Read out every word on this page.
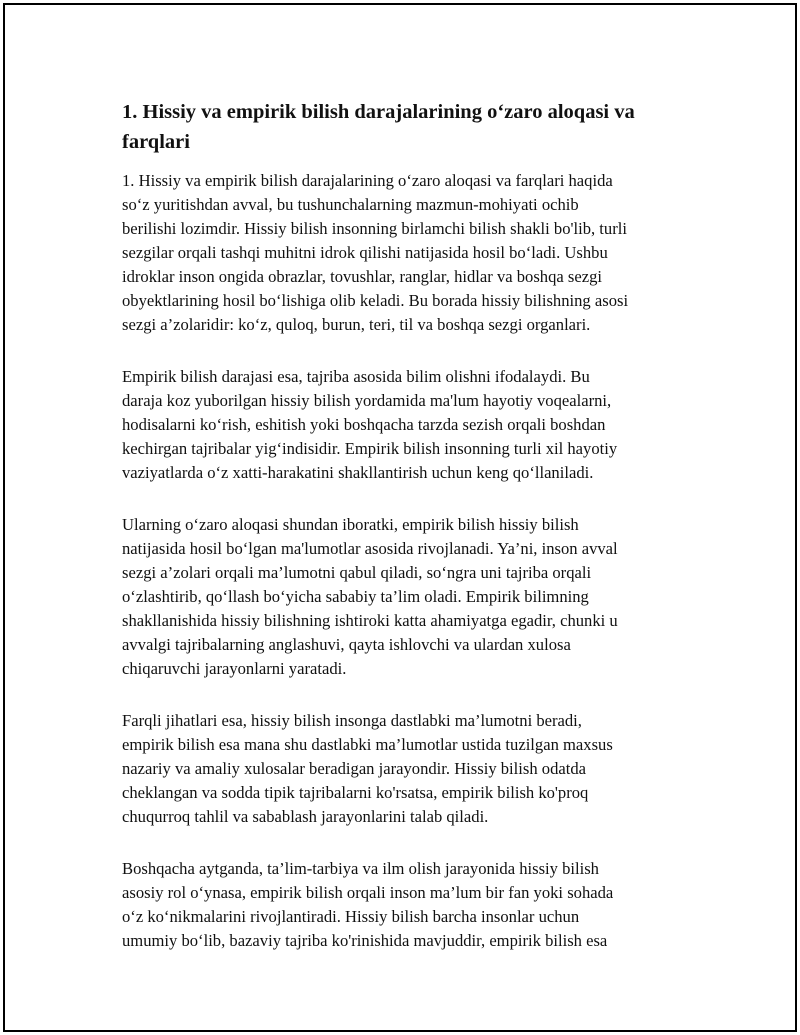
1. Hissiy va empirik bilish darajalarining o‘zaro aloqasi va farqlari

1. Hissiy va empirik bilish darajalarining o‘zaro aloqasi va farqlari haqida
so‘z yuritishdan avval, bu tushunchalarning mazmun-mohiyati ochib
berilishi lozimdir. Hissiy bilish insonning birlamchi bilish shakli bo'lib, turli
sezgilar orqali tashqi muhitni idrok qilishi natijasida hosil bo‘ladi. Ushbu
idroklar inson ongida obrazlar, tovushlar, ranglar, hidlar va boshqa sezgi
obyektlarining hosil bo‘lishiga olib keladi. Bu borada hissiy bilishning asosi
sezgi a’zolaridir: ko‘z, quloq, burun, teri, til va boshqa sezgi organlari.

Empirik bilish darajasi esa, tajriba asosida bilim olishni ifodalaydi. Bu
daraja koz yuborilgan hissiy bilish yordamida ma'lum hayotiy voqealarni,
hodisalarni ko‘rish, eshitish yoki boshqacha tarzda sezish orqali boshdan
kechirgan tajribalar yig‘indisidir. Empirik bilish insonning turli xil hayotiy
vaziyatlarda o‘z xatti-harakatini shakllantirish uchun keng qo‘llaniladi.

Ularning o‘zaro aloqasi shundan iboratki, empirik bilish hissiy bilish
natijasida hosil bo‘lgan ma'lumotlar asosida rivojlanadi. Ya’ni, inson avval
sezgi a’zolari orqali ma’lumotni qabul qiladi, so‘ngra uni tajriba orqali
o‘zlashtirib, qo‘llash bo‘yicha sababiy ta’lim oladi. Empirik bilimning
shakllanishida hissiy bilishning ishtiroki katta ahamiyatga egadir, chunki u
avvalgi tajribalarning anglashuvi, qayta ishlovchi va ulardan xulosa
chiqaruvchi jarayonlarni yaratadi.

Farqli jihatlari esa, hissiy bilish insonga dastlabki ma’lumotni beradi,
empirik bilish esa mana shu dastlabki ma’lumotlar ustida tuzilgan maxsus
nazariy va amaliy xulosalar beradigan jarayondir. Hissiy bilish odatda
cheklangan va sodda tipik tajribalarni ko'rsatsa, empirik bilish ko'proq
chuqurroq tahlil va sabablash jarayonlarini talab qiladi.

Boshqacha aytganda, ta’lim-tarbiya va ilm olish jarayonida hissiy bilish
asosiy rol o‘ynasa, empirik bilish orqali inson ma’lum bir fan yoki sohada
o‘z ko‘nikmalarini rivojlantiradi. Hissiy bilish barcha insonlar uchun
umumiy bo‘lib, bazaviy tajriba ko'rinishida mavjuddir, empirik bilish esa
